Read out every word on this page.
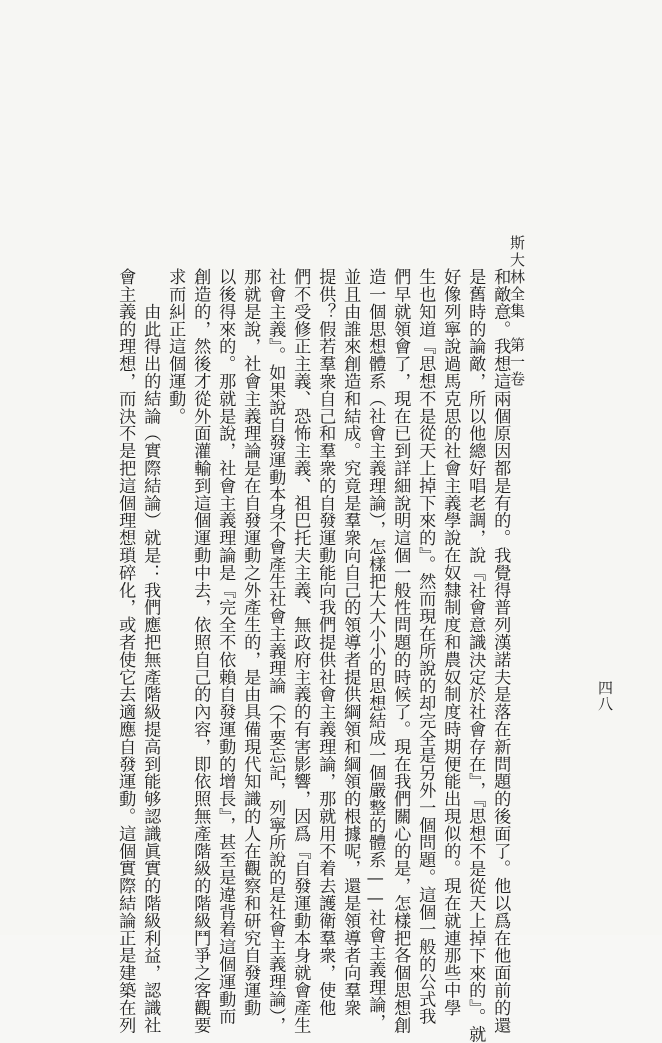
斯大林全集　第一卷
四八
和敵意。我想這兩個原因都是有的。我覺得普列漢諾夫是落在新問題的後面了。他以爲在他面前的還
是舊時的論敵，所以他總好唱老調，說『社會意識決定於社會存在』，『思想不是從天上掉下來的』。就
好像列寧說過馬克思的社會主義學說在奴隸制度和農奴制度時期便能出現似的。現在就連那些中學
生也知道『思想不是從天上掉下來的』。然而現在所說的却完全是另外一個問題。這個一般的公式我
們早就領會了，現在已到詳細說明這個一般性問題的時候了。現在我們關心的是，怎樣把各個思想創
造一個思想體系（社會主義理論），怎樣把大大小小的思想結成一個嚴整的體系——社會主義理論，
並且由誰來創造和結成。究竟是羣衆向自己的領導者提供綱領和綱領的根據呢，還是領導者向羣衆
提供？假若羣衆自己和羣衆的自發運動能向我們提供社會主義理論，那就用不着去護衛羣衆，使他
們不受修正主義、恐怖主義、祖巴托夫主義、無政府主義的有害影響，因爲『自發運動本身就會產生
社會主義』。如果說自發運動本身不會產生社會主義理論（不要忘記，列寧所說的是社會主義理論），
那就是說，社會主義理論是在自發運動之外產生的，是由具備現代知識的人在觀察和研究自發運動
以後得來的。那就是說，社會主義理論是『完全不依賴自發運動的增長』，甚至是違背着這個運動而
創造的，然後才從外面灌輸到這個運動中去，依照自己的內容，即依照無產階級的階級鬥爭之客觀要
求而糾正這個運動。
　　由此得出的結論（實際結論）就是：我們應把無產階級提高到能够認識眞實的階級利益，認識社
會主義的理想，而決不是把這個理想瑣碎化，或者使它去適應自發運動。這個實際結論正是建築在列
